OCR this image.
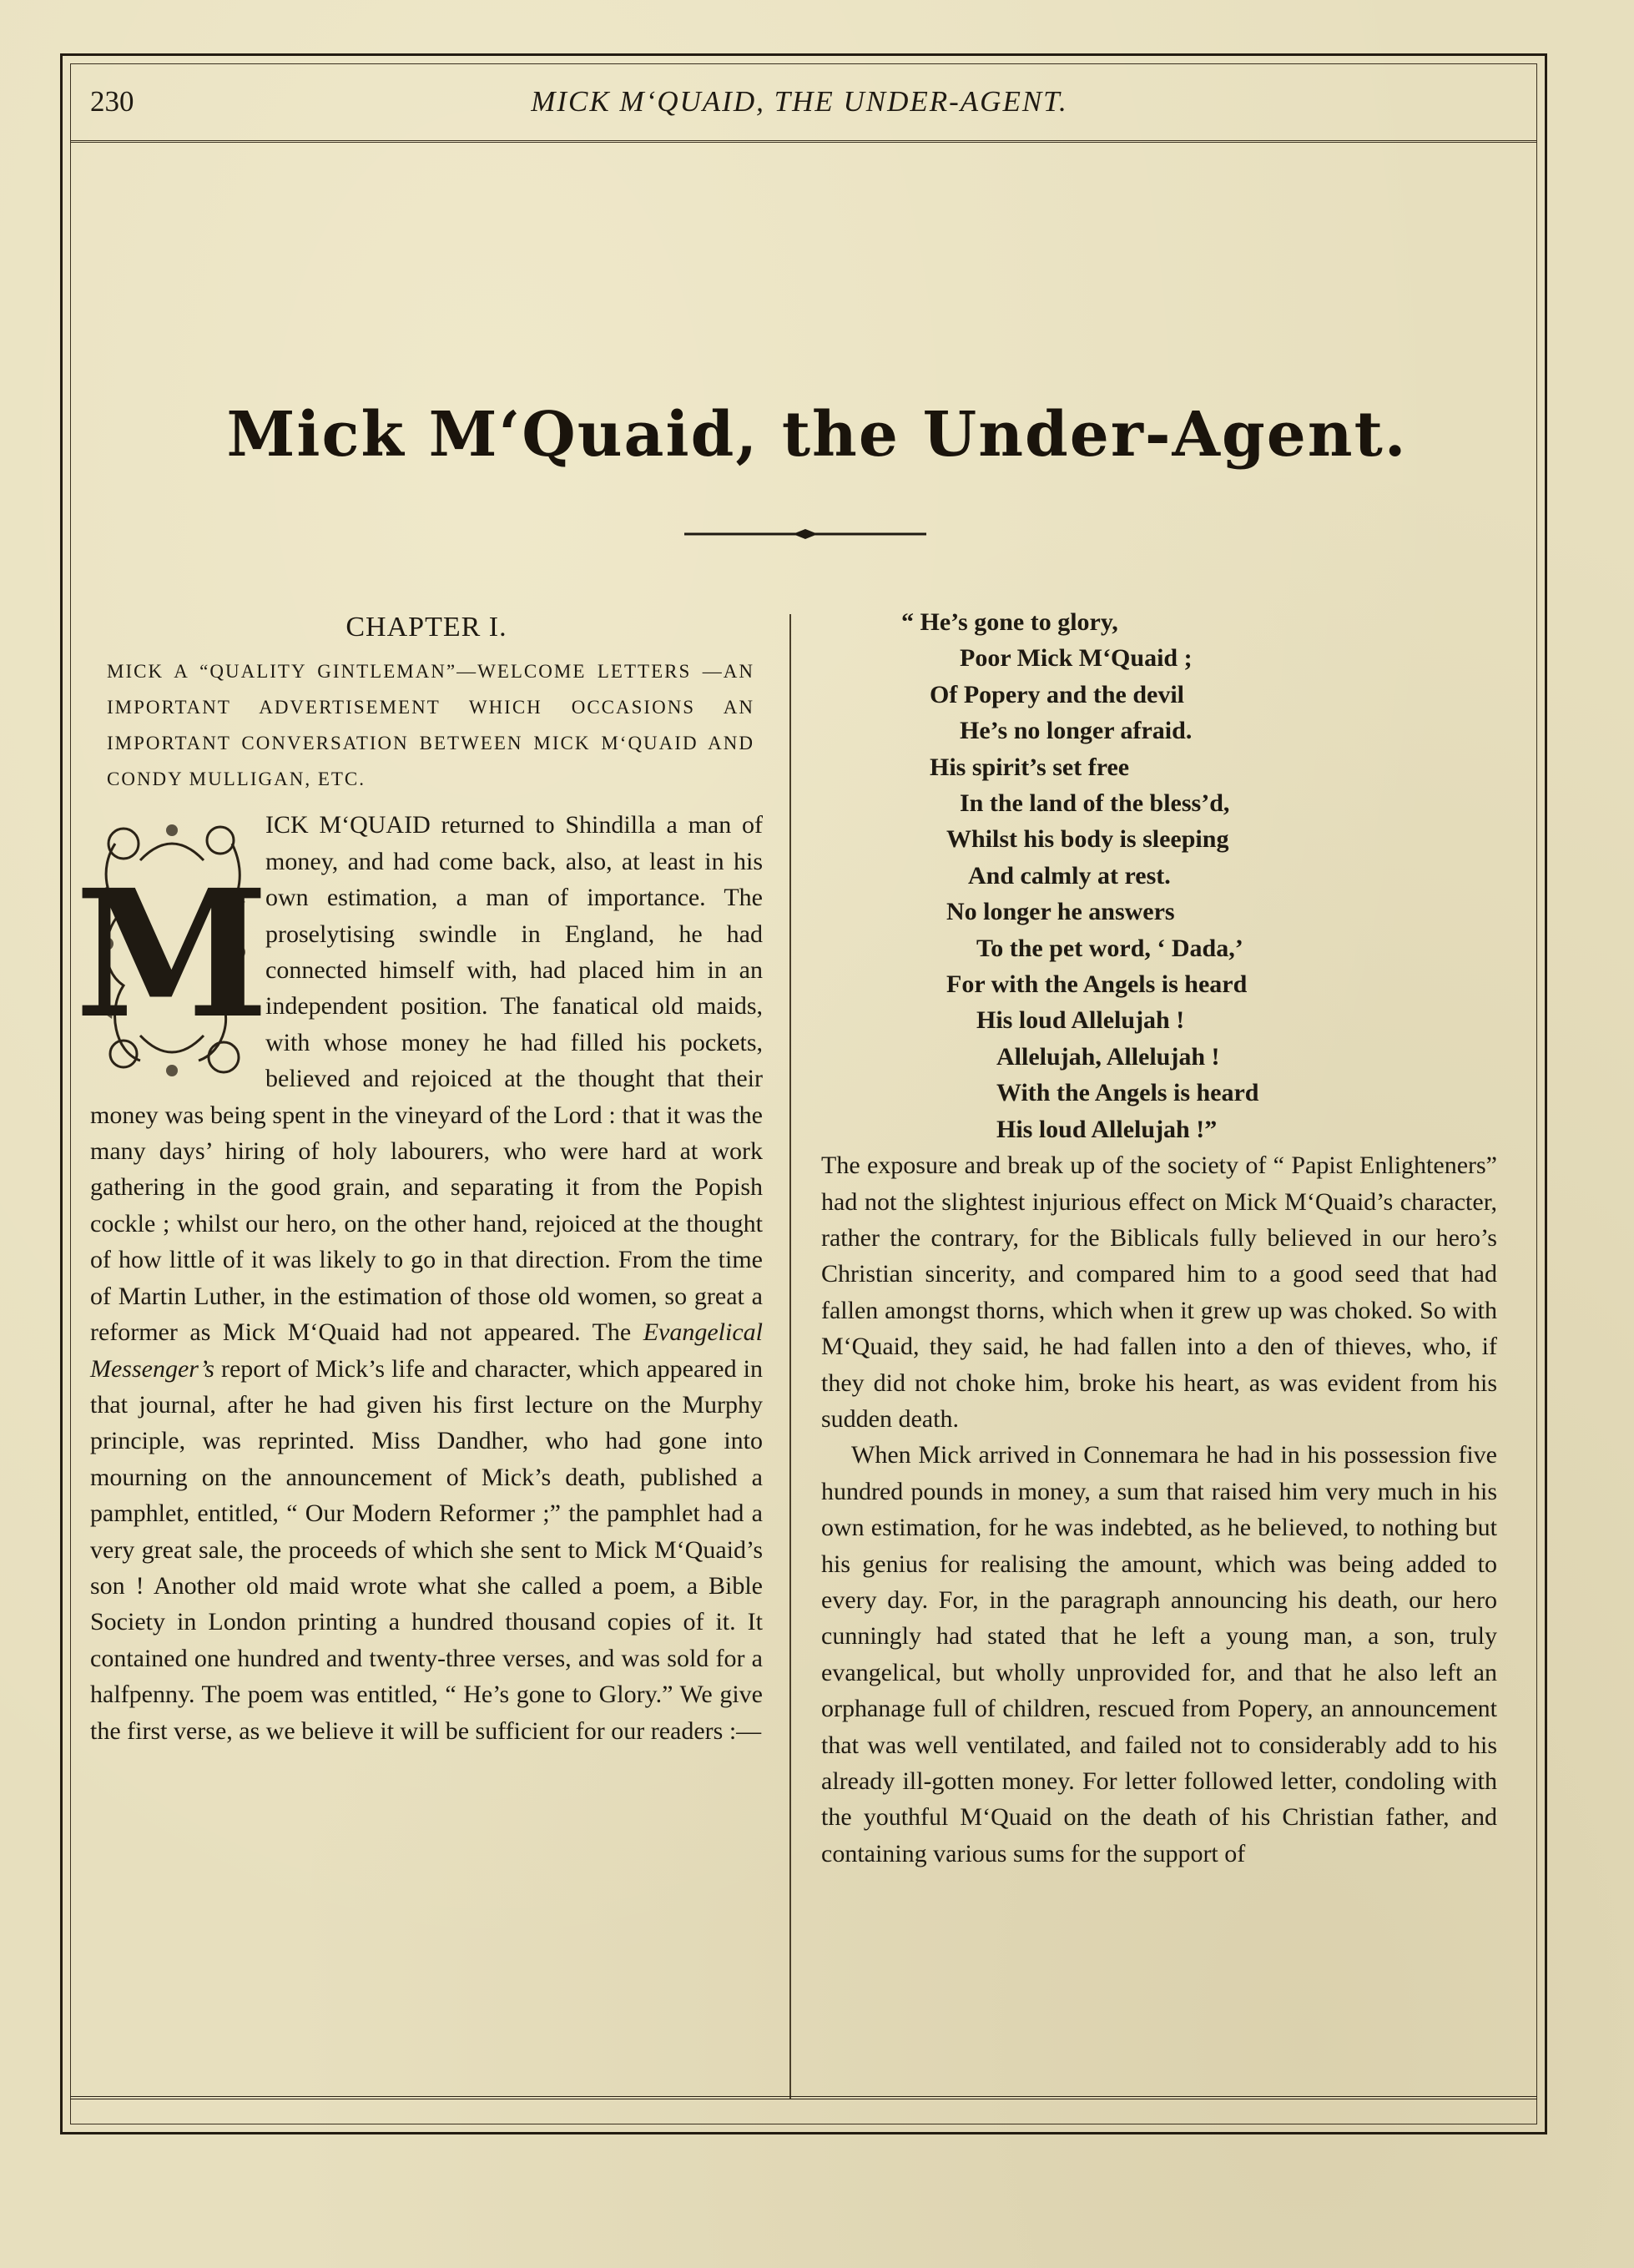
230	MICK M‘QUAID, THE UNDER-AGENT.
Mick M‘Quaid, the Under-Agent.
CHAPTER I.
MICK A “QUALITY GINTLEMAN”—WELCOME LETTERS —AN IMPORTANT ADVERTISEMENT WHICH OCCASIONS AN IMPORTANT CONVERSATION BETWEEN MICK M‘QUAID AND CONDY MULLIGAN, ETC.
M

ICK M‘QUAID returned to Shindilla a man of money, and had come back, also, at least in his own estimation, a man of importance. The proselytising swindle in England, he had connected himself with, had placed him in an independent position. The fanatical old maids, with whose money he had filled his pockets, believed and rejoiced at the thought that their money was being spent in the vineyard of the Lord : that it was the many days’ hiring of holy labourers, who were hard at work gathering in the good grain, and separating it from the Popish cockle ; whilst our hero, on the other hand, rejoiced at the thought of how little of it was likely to go in that direction. From the time of Martin Luther, in the estimation of those old women, so great a reformer as Mick M‘Quaid had not appeared. The Evangelical Messenger’s report of Mick’s life and character, which appeared in that journal, after he had given his first lecture on the Murphy principle, was reprinted. Miss Dandher, who had gone into mourning on the announcement of Mick’s death, published a pamphlet, entitled, “ Our Modern Reformer ;” the pamphlet had a very great sale, the proceeds of which she sent to Mick M‘Quaid’s son ! Another old maid wrote what she called a poem, a Bible Society in London printing a hundred thousand copies of it. It contained one hundred and twenty-three verses, and was sold for a halfpenny. The poem was entitled, “ He’s gone to Glory.” We give the first verse, as we believe it will be sufficient for our readers :—

“ He’s gone to glory,
Poor Mick M‘Quaid ;
Of Popery and the devil
He’s no longer afraid.
His spirit’s set free
In the land of the bless’d,
Whilst his body is sleeping
And calmly at rest.
No longer he answers
To the pet word, ‘ Dada,’
For with the Angels is heard
His loud Allelujah !
Allelujah, Allelujah !
With the Angels is heard
His loud Allelujah !”

The exposure and break up of the society of “ Papist Enlighteners” had not the slightest injurious effect on Mick M‘Quaid’s character, rather the contrary, for the Biblicals fully believed in our hero’s Christian sincerity, and compared him to a good seed that had fallen amongst thorns, which when it grew up was choked. So with M‘Quaid, they said, he had fallen into a den of thieves, who, if they did not choke him, broke his heart, as was evident from his sudden death.

When Mick arrived in Connemara he had in his possession five hundred pounds in money, a sum that raised him very much in his own estimation, for he was indebted, as he believed, to nothing but his genius for realising the amount, which was being added to every day. For, in the paragraph announcing his death, our hero cunningly had stated that he left a young man, a son, truly evangelical, but wholly unprovided for, and that he also left an orphanage full of children, rescued from Popery, an announcement that was well ventilated, and failed not to considerably add to his already ill-gotten money. For letter followed letter, condoling with the youthful M‘Quaid on the death of his Christian father, and containing various sums for the support of
